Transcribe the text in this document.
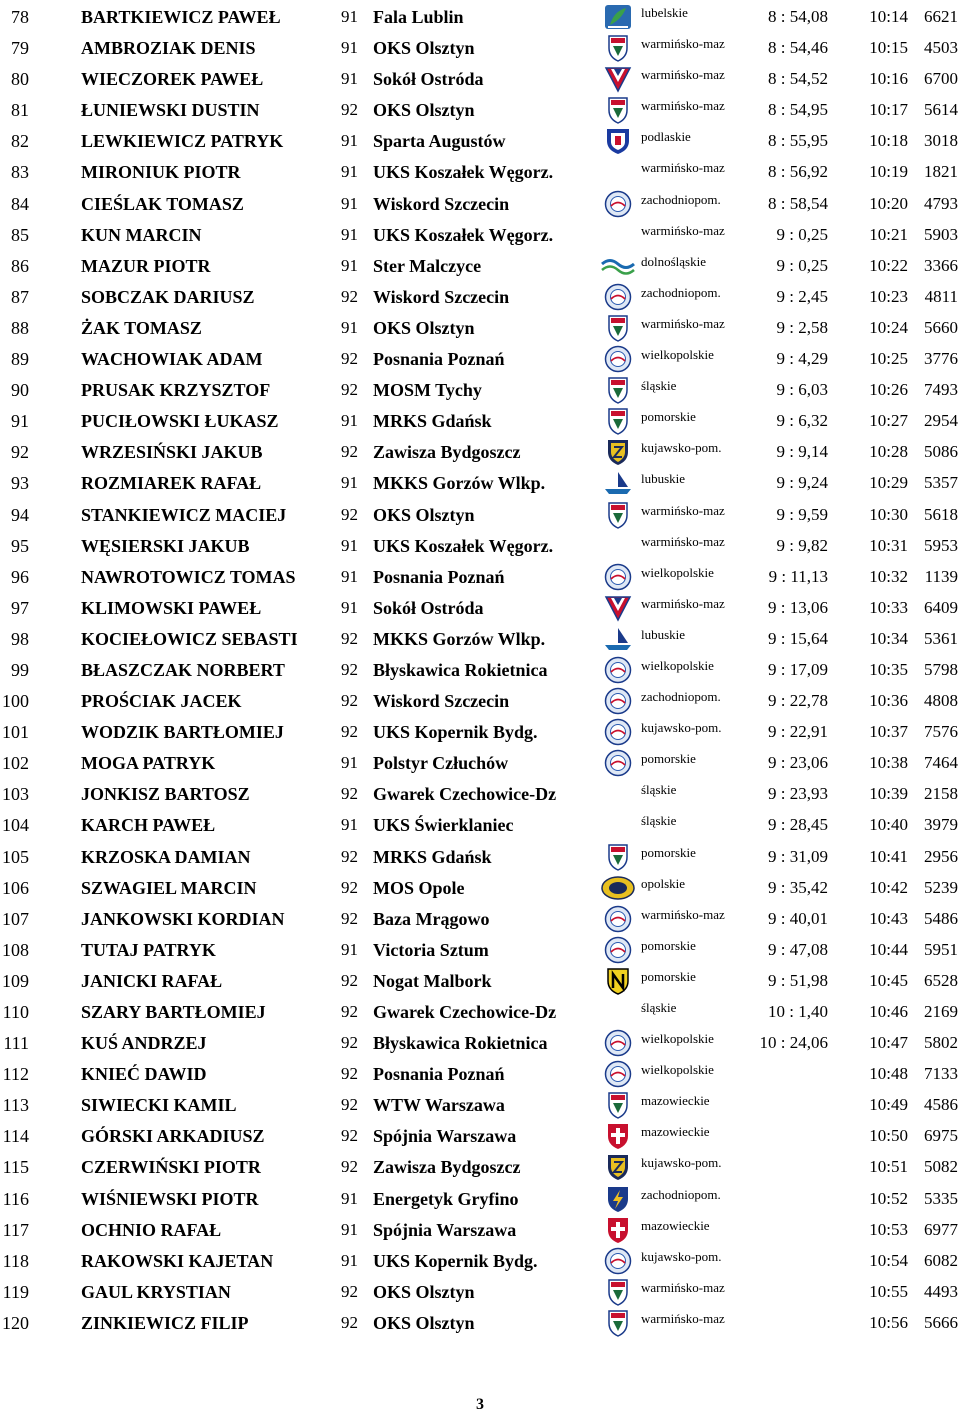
78	BARTKIEWICZ PAWEŁ	91 Fala Lublin	lubelskie	8 : 54,08	10:14 6621
79	AMBROZIAK DENIS	91 OKS Olsztyn	warmińsko-maz	8 : 54,46	10:15 4503
80	WIECZOREK PAWEŁ	91 Sokół Ostróda	warmińsko-maz	8 : 54,52	10:16 6700
81	ŁUNIEWSKI DUSTIN	92 OKS Olsztyn	warmińsko-maz	8 : 54,95	10:17 5614
82	LEWKIEWICZ PATRYK	91 Sparta Augustów	podlaskie	8 : 55,95	10:18 3018
83	MIRONIUK PIOTR	91 UKS Koszałek Węgorz.	warmińsko-maz	8 : 56,92	10:19 1821
84	CIEŚLAK TOMASZ	91 Wiskord Szczecin	zachodniopom.	8 : 58,54	10:20 4793
85	KUN MARCIN	91 UKS Koszałek Węgorz.	warmińsko-maz	9 : 0,25	10:21 5903
86	MAZUR PIOTR	91 Ster Malczyce	dolnośląskie	9 : 0,25	10:22 3366
87	SOBCZAK DARIUSZ	92 Wiskord Szczecin	zachodniopom.	9 : 2,45	10:23 4811
88	ŻAK TOMASZ	91 OKS Olsztyn	warmińsko-maz	9 : 2,58	10:24 5660
89	WACHOWIAK ADAM	92 Posnania Poznań	wielkopolskie	9 : 4,29	10:25 3776
90	PRUSAK KRZYSZTOF	92 MOSM Tychy	śląskie	9 : 6,03	10:26 7493
91	PUCIŁOWSKI ŁUKASZ	91 MRKS Gdańsk	pomorskie	9 : 6,32	10:27 2954
92	WRZESIŃSKI JAKUB	92 Zawisza Bydgoszcz	kujawsko-pom.	9 : 9,14	10:28 5086
93	ROZMIAREK RAFAŁ	91 MKKS Gorzów Wlkp.	lubuskie	9 : 9,24	10:29 5357
94	STANKIEWICZ MACIEJ	92 OKS Olsztyn	warmińsko-maz	9 : 9,59	10:30 5618
95	WĘSIERSKI JAKUB	91 UKS Koszałek Węgorz.	warmińsko-maz	9 : 9,82	10:31 5953
96	NAWROTOWICZ TOMAS	91 Posnania Poznań	wielkopolskie	9 : 11,13	10:32 1139
97	KLIMOWSKI PAWEŁ	91 Sokół Ostróda	warmińsko-maz	9 : 13,06	10:33 6409
98	KOCIEŁOWICZ SEBASTI	92 MKKS Gorzów Wlkp.	lubuskie	9 : 15,64	10:34 5361
99	BŁASZCZAK NORBERT	92 Błyskawica Rokietnica	wielkopolskie	9 : 17,09	10:35 5798
100	PROŚCIAK JACEK	92 Wiskord Szczecin	zachodniopom.	9 : 22,78	10:36 4808
101	WODZIK BARTŁOMIEJ	92 UKS Kopernik Bydg.	kujawsko-pom.	9 : 22,91	10:37 7576
102	MOGA PATRYK	91 Polstyr Człuchów	pomorskie	9 : 23,06	10:38 7464
103	JONKISZ BARTOSZ	92 Gwarek Czechowice-Dz	śląskie	9 : 23,93	10:39 2158
104	KARCH PAWEŁ	91 UKS Świerklaniec	śląskie	9 : 28,45	10:40 3979
105	KRZOSKA DAMIAN	92 MRKS Gdańsk	pomorskie	9 : 31,09	10:41 2956
106	SZWAGIEL MARCIN	92 MOS Opole	opolskie	9 : 35,42	10:42 5239
107	JANKOWSKI KORDIAN	92 Baza Mrągowo	warmińsko-maz	9 : 40,01	10:43 5486
108	TUTAJ PATRYK	91 Victoria Sztum	pomorskie	9 : 47,08	10:44 5951
109	JANICKI RAFAŁ	92 Nogat Malbork	pomorskie	9 : 51,98	10:45 6528
110	SZARY BARTŁOMIEJ	92 Gwarek Czechowice-Dz	śląskie	10 : 1,40	10:46 2169
111	KUŚ ANDRZEJ	92 Błyskawica Rokietnica	wielkopolskie	10 : 24,06	10:47 5802
112	KNIEĆ DAWID	92 Posnania Poznań	wielkopolskie	10:48 7133
113	SIWIECKI KAMIL	92 WTW Warszawa	mazowieckie	10:49 4586
114	GÓRSKI ARKADIUSZ	92 Spójnia Warszawa	mazowieckie	10:50 6975
115	CZERWIŃSKI PIOTR	92 Zawisza Bydgoszcz	kujawsko-pom.	10:51 5082
116	WIŚNIEWSKI PIOTR	91 Energetyk Gryfino	zachodniopom.	10:52 5335
117	OCHNIO RAFAŁ	91 Spójnia Warszawa	mazowieckie	10:53 6977
118	RAKOWSKI KAJETAN	91 UKS Kopernik Bydg.	kujawsko-pom.	10:54 6082
119	GAUL KRYSTIAN	92 OKS Olsztyn	warmińsko-maz	10:55 4493
120	ZINKIEWICZ FILIP	92 OKS Olsztyn	warmińsko-maz	10:56 5666
3
